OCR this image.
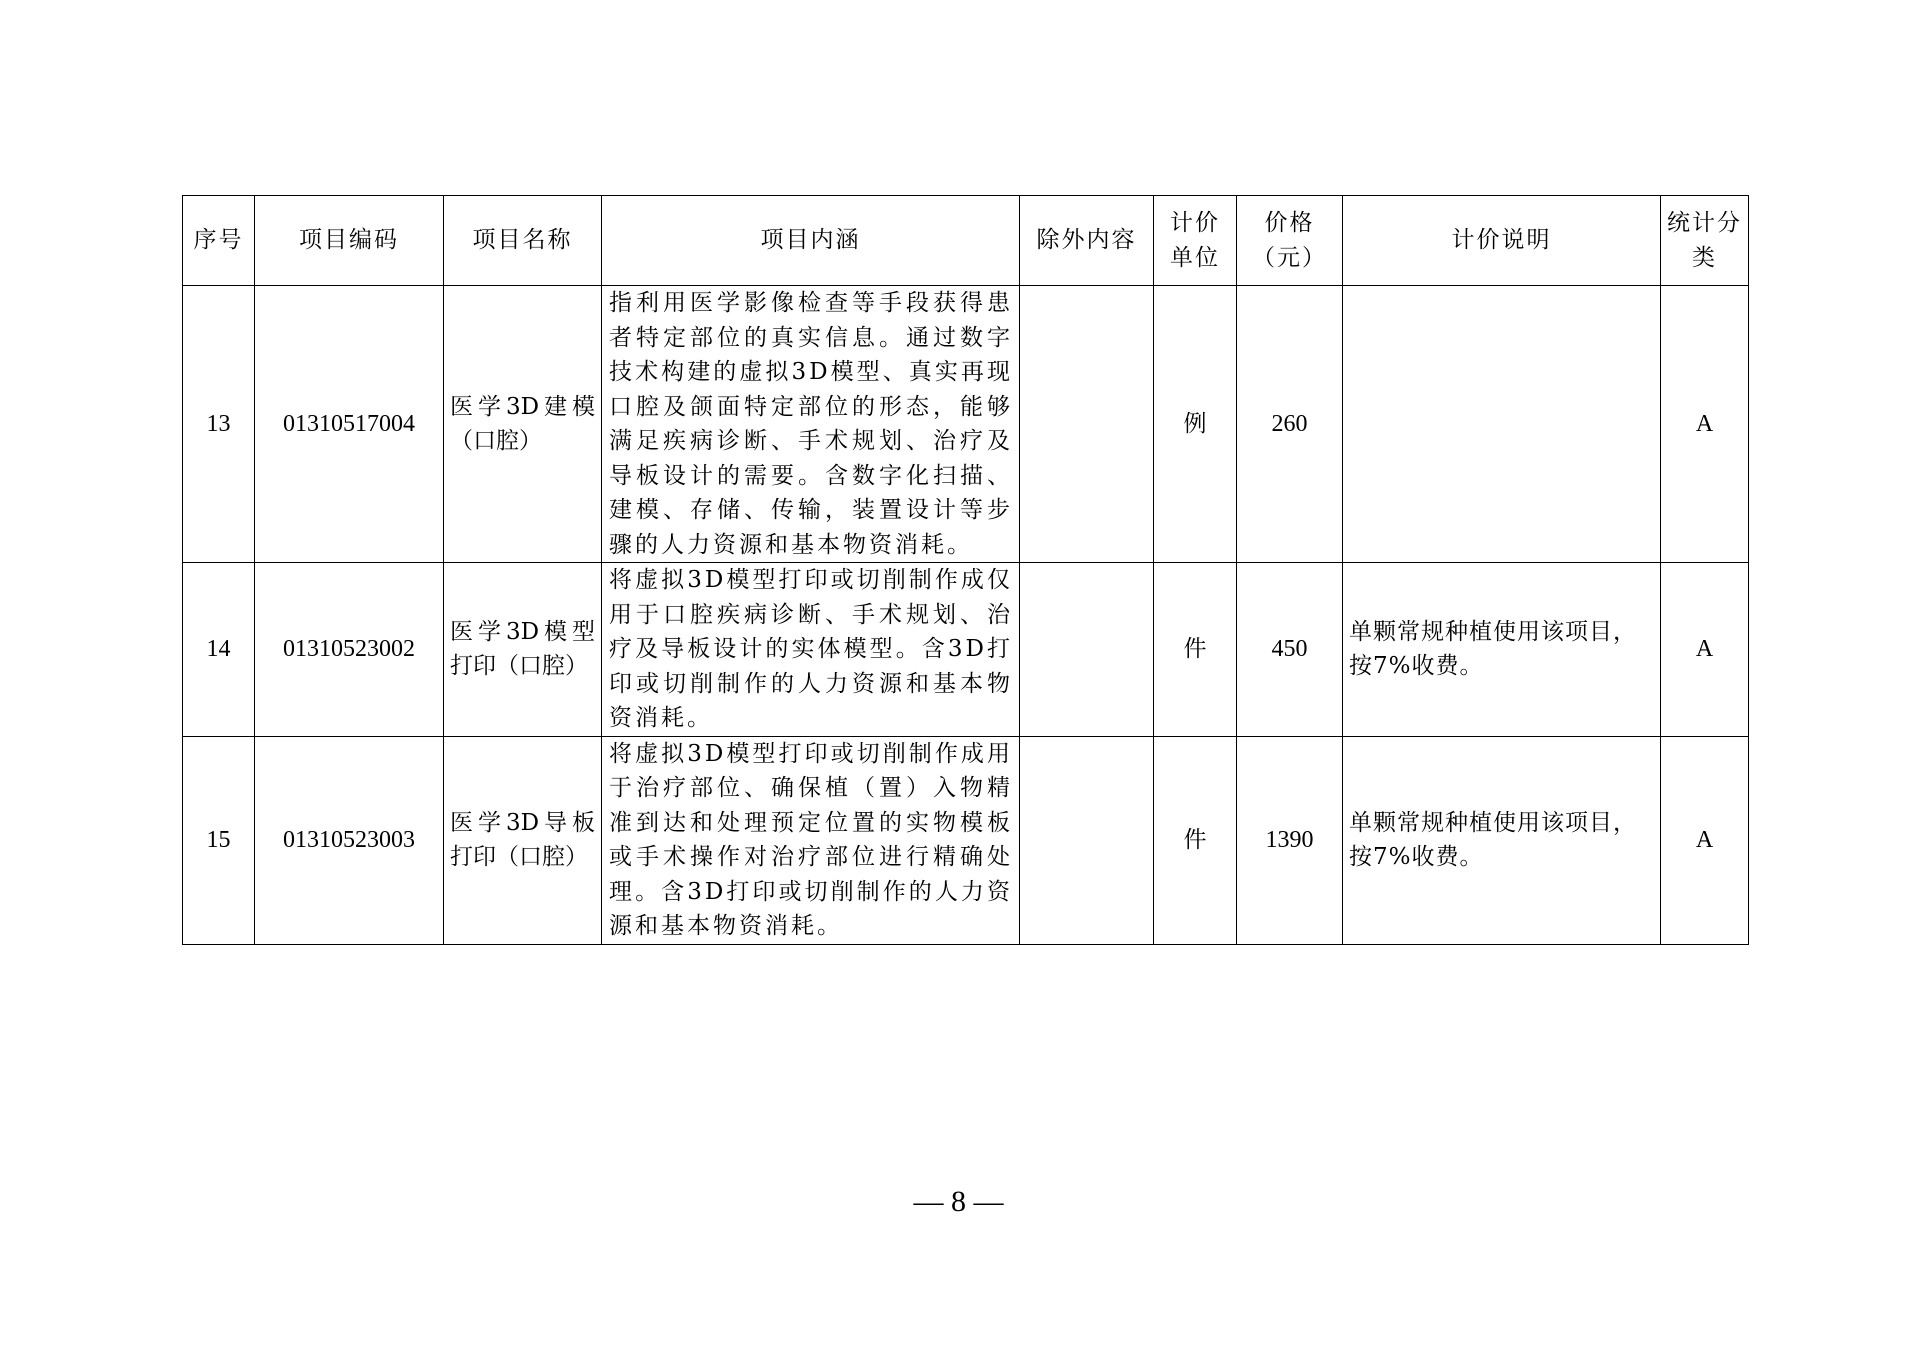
序号	项目编码	项目名称	项目内涵	除外内容	计价单位	价格（元）	计价说明	统计分类
13	01310517004	医学3D建模（口腔）	指利用医学影像检查等手段获得患者特定部位的真实信息。通过数字技术构建的虚拟3D模型、真实再现口腔及颌面特定部位的形态，能够满足疾病诊断、手术规划、治疗及导板设计的需要。含数字化扫描、建模、存储、传输，装置设计等步骤的人力资源和基本物资消耗。		例	260		A
14	01310523002	医学3D模型打印（口腔）	将虚拟3D模型打印或切削制作成仅用于口腔疾病诊断、手术规划、治疗及导板设计的实体模型。含3D打印或切削制作的人力资源和基本物资消耗。		件	450	单颗常规种植使用该项目，按7%收费。	A
15	01310523003	医学3D导板打印（口腔）	将虚拟3D模型打印或切削制作成用于治疗部位、确保植（置）入物精准到达和处理预定位置的实物模板或手术操作对治疗部位进行精确处理。含3D打印或切削制作的人力资源和基本物资消耗。		件	1390	单颗常规种植使用该项目，按7%收费。	A
— 8 —
